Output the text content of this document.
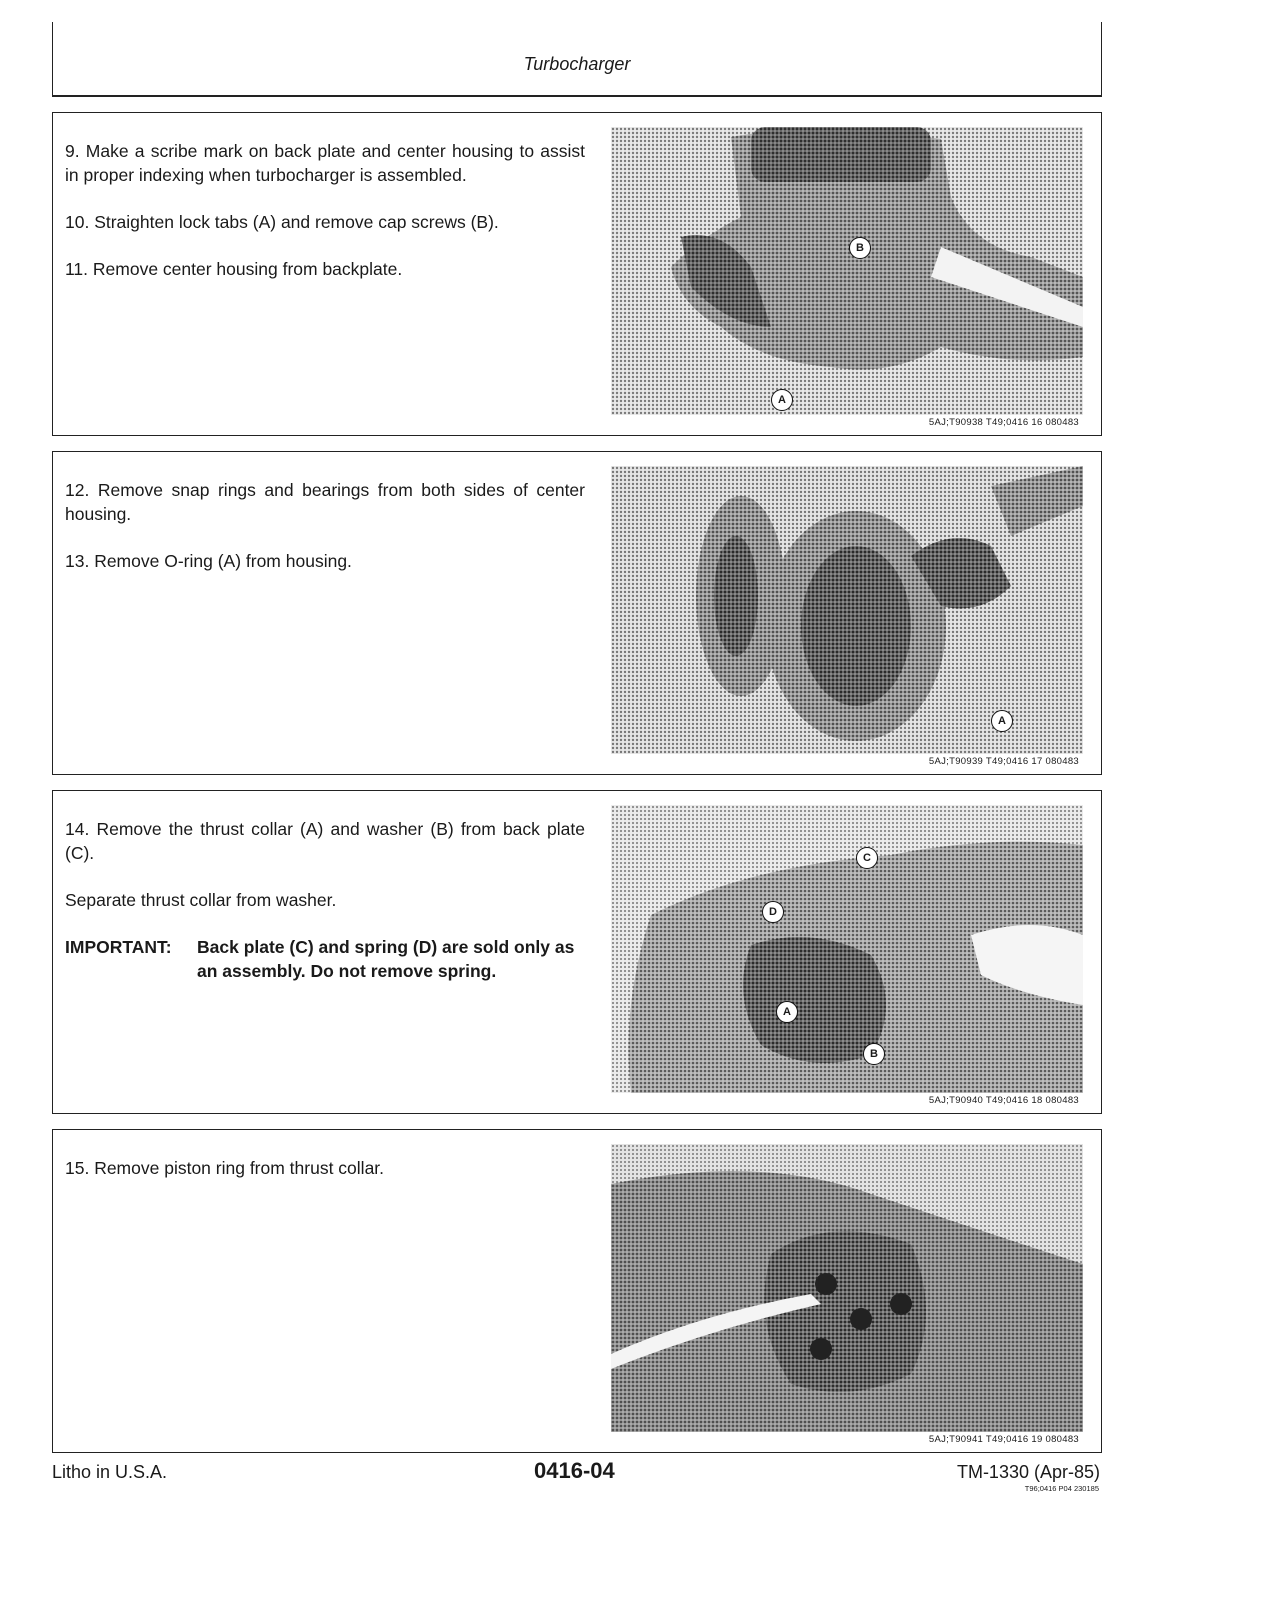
Turbocharger

9. Make a scribe mark on back plate and center housing to assist in proper indexing when turbocharger is assembled.

10. Straighten lock tabs (A) and remove cap screws (B).

11. Remove center housing from backplate.

B
A
5AJ;T90938 T49;0416 16 080483

12. Remove snap rings and bearings from both sides of center housing.

13. Remove O-ring (A) from housing.

A
5AJ;T90939 T49;0416 17 080483

14. Remove the thrust collar (A) and washer (B) from back plate (C).

Separate thrust collar from washer.

IMPORTANT: Back plate (C) and spring (D) are sold only as an assembly. Do not remove spring.

C
D
A
B
5AJ;T90940 T49;0416 18 080483

15. Remove piston ring from thrust collar.

5AJ;T90941 T49;0416 19 080483
Litho in U.S.A.	0416-04	TM-1330 (Apr-85)
T96;0416 P04 230185
